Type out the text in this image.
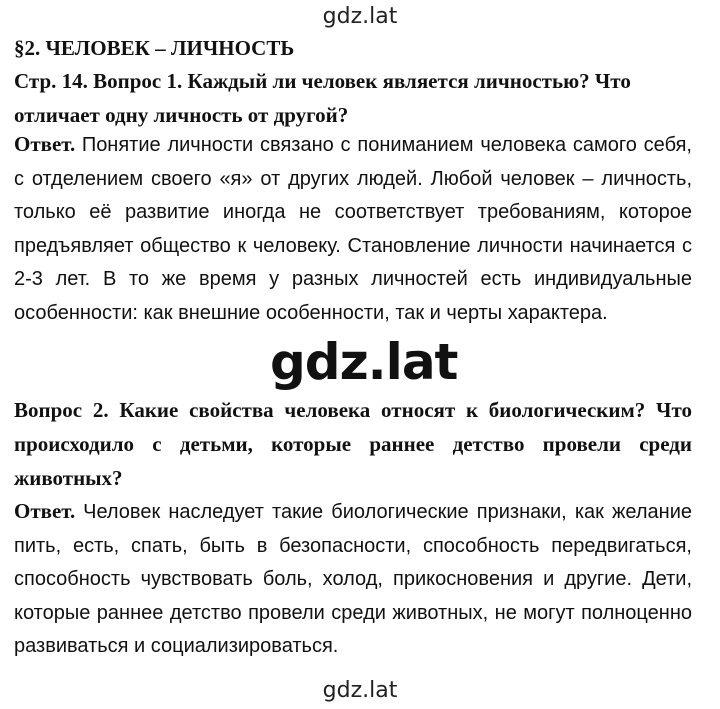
gdz.lat
§2. ЧЕЛОВЕК – ЛИЧНОСТЬ
Стр. 14. Вопрос 1. Каждый ли человек является личностью? Что отличает одну личность от другой?
Ответ. Понятие личности связано с пониманием человека самого себя, с отделением своего «я» от других людей. Любой человек – личность, только её развитие иногда не соответствует требованиям, которое предъявляет общество к человеку. Становление личности начинается с 2-3 лет. В то же время у разных личностей есть индивидуальные особенности: как внешние особенности, так и черты характера.
gdz.lat
Вопрос 2. Какие свойства человека относят к биологическим? Что происходило с детьми, которые раннее детство провели среди животных?
Ответ. Человек наследует такие биологические признаки, как желание пить, есть, спать, быть в безопасности, способность передвигаться, способность чувствовать боль, холод, прикосновения и другие. Дети, которые раннее детство провели среди животных, не могут полноценно развиваться и социализироваться.
gdz.lat
